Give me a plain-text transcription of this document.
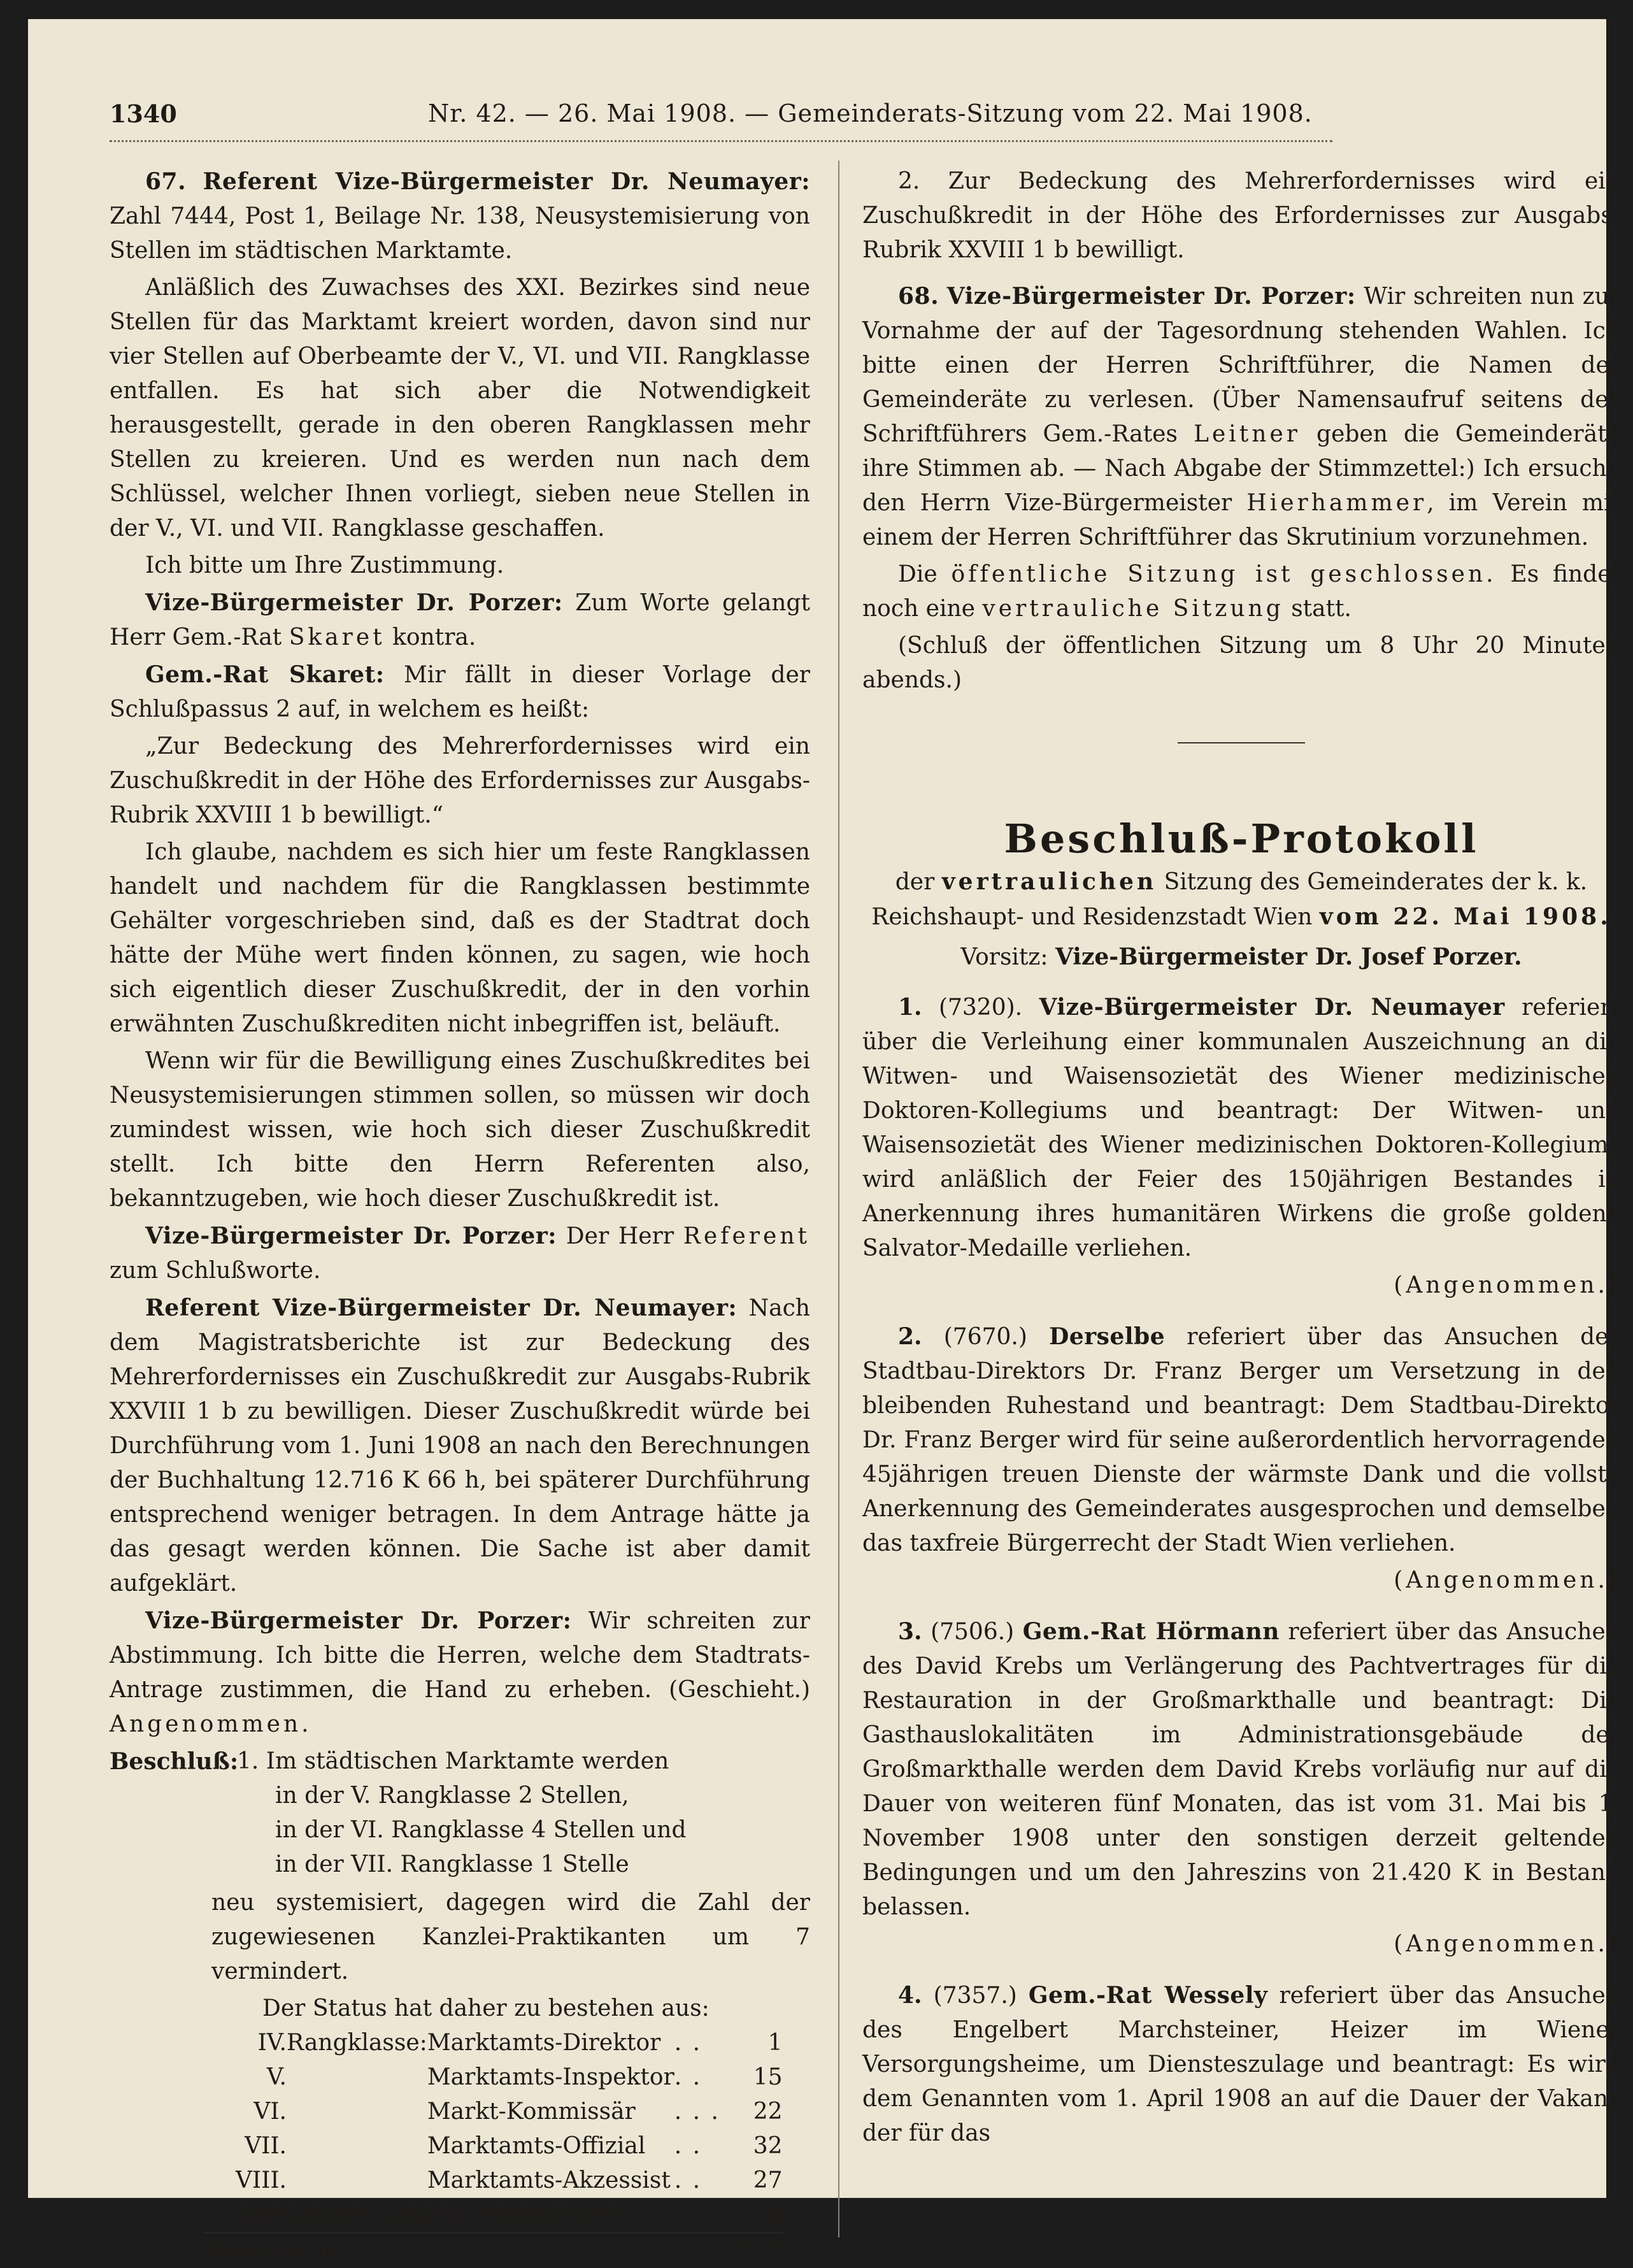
1340	Nr. 42. — 26. Mai 1908. — Gemeinderats-Sitzung vom 22. Mai 1908.

67. Referent Vize-Bürgermeister Dr. Neumayer: Zahl 7444, Post 1, Beilage Nr. 138, Neusystemisierung von Stellen im städtischen Marktamte.

Anläßlich des Zuwachses des XXI. Bezirkes sind neue Stellen für das Marktamt kreiert worden, davon sind nur vier Stellen auf Oberbeamte der V., VI. und VII. Rangklasse entfallen. Es hat sich aber die Notwendigkeit herausgestellt, gerade in den oberen Rangklassen mehr Stellen zu kreieren. Und es werden nun nach dem Schlüssel, welcher Ihnen vorliegt, sieben neue Stellen in der V., VI. und VII. Rangklasse geschaffen.

Ich bitte um Ihre Zustimmung.

Vize-Bürgermeister Dr. Porzer: Zum Worte gelangt Herr Gem.-Rat Skaret kontra.

Gem.-Rat Skaret: Mir fällt in dieser Vorlage der Schlußpassus 2 auf, in welchem es heißt:

„Zur Bedeckung des Mehrerfordernisses wird ein Zuschußkredit in der Höhe des Erfordernisses zur Ausgabs-Rubrik XXVIII 1 b bewilligt.“

Ich glaube, nachdem es sich hier um feste Rangklassen handelt und nachdem für die Rangklassen bestimmte Gehälter vorgeschrieben sind, daß es der Stadtrat doch hätte der Mühe wert finden können, zu sagen, wie hoch sich eigentlich dieser Zuschußkredit, der in den vorhin erwähnten Zuschußkrediten nicht inbegriffen ist, beläuft.

Wenn wir für die Bewilligung eines Zuschußkredites bei Neusystemisierungen stimmen sollen, so müssen wir doch zumindest wissen, wie hoch sich dieser Zuschußkredit stellt. Ich bitte den Herrn Referenten also, bekanntzugeben, wie hoch dieser Zuschußkredit ist.

Vize-Bürgermeister Dr. Porzer: Der Herr Referent zum Schlußworte.

Referent Vize-Bürgermeister Dr. Neumayer: Nach dem Magistratsberichte ist zur Bedeckung des Mehrerfordernisses ein Zuschußkredit zur Ausgabs-Rubrik XXVIII 1 b zu bewilligen. Dieser Zuschußkredit würde bei Durchführung vom 1. Juni 1908 an nach den Berechnungen der Buchhaltung 12.716 K 66 h, bei späterer Durchführung entsprechend weniger betragen. In dem Antrage hätte ja das gesagt werden können. Die Sache ist aber damit aufgeklärt.

Vize-Bürgermeister Dr. Porzer: Wir schreiten zur Abstimmung. Ich bitte die Herren, welche dem Stadtrats-Antrage zustimmen, die Hand zu erheben. (Geschieht.) Angenommen.

Beschluß:
1. Im städtischen Marktamte werden
in der V. Rangklasse 2 Stellen,
in der VI. Rangklasse 4 Stellen und
in der VII. Rangklasse 1 Stelle

neu systemisiert, dagegen wird die Zahl der zugewiesenen Kanzlei-Praktikanten um 7 vermindert.

Der Status hat daher zu bestehen aus:
IV.	Rangklasse:	Marktamts-Direktor	. .	1
V.		Marktamts-Inspektor	. .	15
VI.		Markt-Kommissär	. . .	22
VII.		Marktamts-Offizial	. .	32
VIII.		Marktamts-Akzessist	. .	27
Zugewiesene Kanzlei Praktikanten			. . . .	18
Zusammen			. .	115

2. Zur Bedeckung des Mehrerfordernisses wird ein Zuschußkredit in der Höhe des Erfordernisses zur Ausgabs-Rubrik XXVIII 1 b bewilligt.

68. Vize-Bürgermeister Dr. Porzer: Wir schreiten nun zur Vornahme der auf der Tagesordnung stehenden Wahlen. Ich bitte einen der Herren Schriftführer, die Namen der Gemeinderäte zu verlesen. (Über Namensaufruf seitens des Schriftführers Gem.-Rates Leitner geben die Gemeinderäte ihre Stimmen ab. — Nach Abgabe der Stimmzettel:) Ich ersuche den Herrn Vize-Bürgermeister Hierhammer, im Verein mit einem der Herren Schriftführer das Skrutinium vorzunehmen.

Die öffentliche Sitzung ist geschlossen. Es findet noch eine vertrauliche Sitzung statt.

(Schluß der öffentlichen Sitzung um 8 Uhr 20 Minuten abends.)

Beschluß-Protokoll
der vertraulichen Sitzung des Gemeinderates der k. k. Reichshaupt- und Residenzstadt Wien vom 22. Mai 1908.
Vorsitz: Vize-Bürgermeister Dr. Josef Porzer.

1. (7320). Vize-Bürgermeister Dr. Neumayer referiert über die Verleihung einer kommunalen Auszeichnung an die Witwen- und Waisensozietät des Wiener medizinischen Doktoren-Kollegiums und beantragt: Der Witwen- und Waisensozietät des Wiener medizinischen Doktoren-Kollegiums wird anläßlich der Feier des 150jährigen Bestandes in Anerkennung ihres humanitären Wirkens die große goldene Salvator-Medaille verliehen.

(Angenommen.)

2. (7670.) Derselbe referiert über das Ansuchen des Stadtbau-Direktors Dr. Franz Berger um Versetzung in den bleibenden Ruhestand und beantragt: Dem Stadtbau-Direktor Dr. Franz Berger wird für seine außerordentlich hervorragenden 45jährigen treuen Dienste der wärmste Dank und die vollste Anerkennung des Gemeinderates ausgesprochen und demselben das taxfreie Bürgerrecht der Stadt Wien verliehen.

(Angenommen.)

3. (7506.) Gem.-Rat Hörmann referiert über das Ansuchen des David Krebs um Verlängerung des Pachtvertrages für die Restauration in der Großmarkthalle und beantragt: Die Gasthauslokalitäten im Administrationsgebäude der Großmarkthalle werden dem David Krebs vorläufig nur auf die Dauer von weiteren fünf Monaten, das ist vom 31. Mai bis 1. November 1908 unter den sonstigen derzeit geltenden Bedingungen und um den Jahreszins von 21.420 K in Bestand belassen.

(Angenommen.)

4. (7357.) Gem.-Rat Wessely referiert über das Ansuchen des Engelbert Marchsteiner, Heizer im Wiener Versorgungsheime, um Diensteszulage und beantragt: Es wird dem Genannten vom 1. April 1908 an auf die Dauer der Vakanz der für das
